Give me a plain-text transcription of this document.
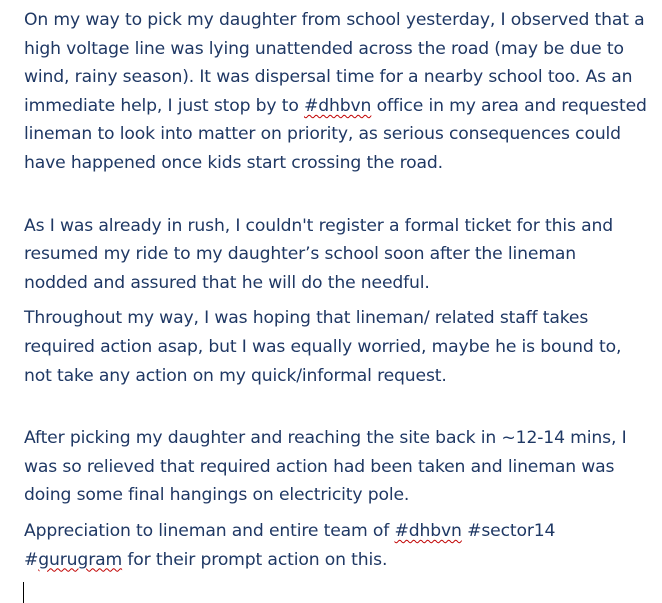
On my way to pick my daughter from school yesterday, I observed that a
high voltage line was lying unattended across the road (may be due to
wind, rainy season). It was dispersal time for a nearby school too. As an
immediate help, I just stop by to #dhbvn office in my area and requested
lineman to look into matter on priority, as serious consequences could
have happened once kids start crossing the road.

As I was already in rush, I couldn't register a formal ticket for this and
resumed my ride to my daughter’s school soon after the lineman
nodded and assured that he will do the needful.

Throughout my way, I was hoping that lineman/ related staff takes
required action asap, but I was equally worried, maybe he is bound to,
not take any action on my quick/informal request.

After picking my daughter and reaching the site back in ~12-14 mins, I
was so relieved that required action had been taken and lineman was
doing some final hangings on electricity pole.

Appreciation to lineman and entire team of #dhbvn #sector14
#gurugram for their prompt action on this.
